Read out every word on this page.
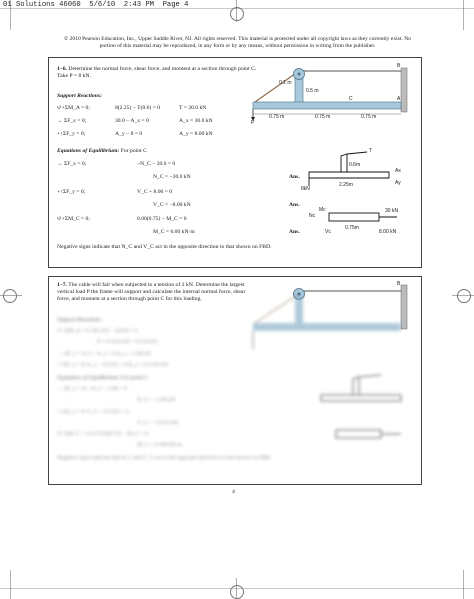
01 Solutions 46060  5/6/10  2:43 PM  Page 4
© 2010 Pearson Education, Inc., Upper Saddle River, NJ. All rights reserved. This material is protected under all copyright laws as they currently exist. No portion of this material may be reproduced, in any form or by any means, without permission in writing from the publisher.
1–6. Determine the normal force, shear force, and moment at a section through point C. Take P = 8 kN.
Support Reactions:
↺+ΣM_A = 0;	8(2.25) − T(0.6) = 0	T = 30.0 kN
→ ΣF_x = 0;	30.0 − A_x = 0	A_x = 30.0 kN
+↑ΣF_y = 0;	A_y − 8 = 0	A_y = 8.00 kN
Equations of Equilibrium: For point C
→ ΣF_x = 0;	−N_C − 30.0 = 0
N_C = −30.0 kN	Ans.
+↑ΣF_y = 0;	V_C + 8.00 = 0
V_C = −8.00 kN	Ans.
↺+ΣM_C = 0;	8.00(0.75) − M_C = 0
M_C = 6.00 kN·m	Ans.
Negative signs indicate that N_C and V_C act in the opposite direction to that shown on FBD.
B
A
C
P
0.1 m
0.5 m
0.75 m	0.75 m	0.75 m
T
Ax
Ay
8kN
2.25m
0.6m
Nc
Mc
Vc
30 kN
8.00 kN
0.75m
1–7. The cable will fail when subjected to a tension of 2 kN. Determine the largest vertical load P the frame will support and calculate the internal normal force, shear force, and moment at a section through point C for this loading.
B
Support Reactions:
↺+ΣM_A = 0; P(2.25) − 2(0.6) = 0
P = 0.5333 kN = 0.533 kN
→ ΣF_x = 0; 2 − A_x = 0 A_x = 2.00 kN
+↑ΣF_y = 0; A_y − 0.5333 = 0 A_y = 0.5333 kN
Equations of Equilibrium: For point C
→ ΣF_x = 0; −N_C − 2.00 = 0
N_C = −2.00 kN
+↑ΣF_y = 0; V_C + 0.5333 = 0
V_C = −0.533 kN
↺+ΣM_C = 0; 0.5333(0.75) − M_C = 0
M_C = 0.400 kN·m
Negative signs indicate that N_C and V_C act in the opposite direction to that shown on FBD.
4
